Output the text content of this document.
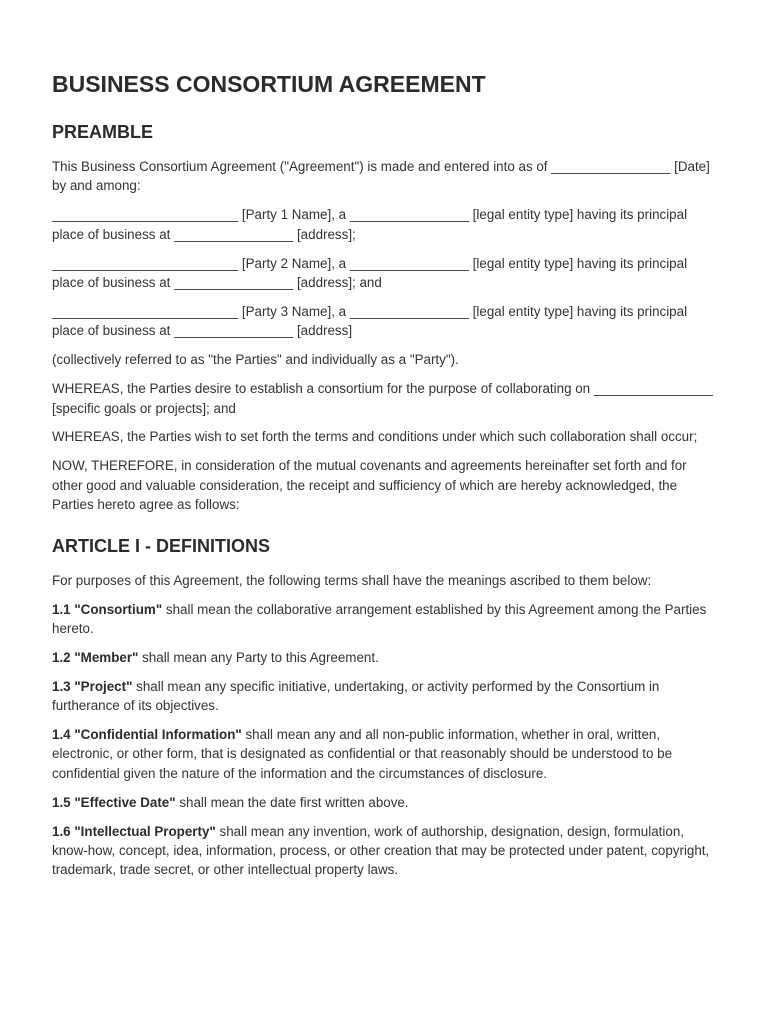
BUSINESS CONSORTIUM AGREEMENT
PREAMBLE

This Business Consortium Agreement ("Agreement") is made and entered into as of ________________ [Date] by and among:

_________________________ [Party 1 Name], a ________________ [legal entity type] having its principal place of business at ________________ [address];

_________________________ [Party 2 Name], a ________________ [legal entity type] having its principal place of business at ________________ [address]; and

_________________________ [Party 3 Name], a ________________ [legal entity type] having its principal place of business at ________________ [address]

(collectively referred to as "the Parties" and individually as a "Party").

WHEREAS, the Parties desire to establish a consortium for the purpose of collaborating on ________________ [specific goals or projects]; and

WHEREAS, the Parties wish to set forth the terms and conditions under which such collaboration shall occur;

NOW, THEREFORE, in consideration of the mutual covenants and agreements hereinafter set forth and for other good and valuable consideration, the receipt and sufficiency of which are hereby acknowledged, the Parties hereto agree as follows:

ARTICLE I - DEFINITIONS

For purposes of this Agreement, the following terms shall have the meanings ascribed to them below:

1.1 "Consortium" shall mean the collaborative arrangement established by this Agreement among the Parties hereto.

1.2 "Member" shall mean any Party to this Agreement.

1.3 "Project" shall mean any specific initiative, undertaking, or activity performed by the Consortium in furtherance of its objectives.

1.4 "Confidential Information" shall mean any and all non-public information, whether in oral, written, electronic, or other form, that is designated as confidential or that reasonably should be understood to be confidential given the nature of the information and the circumstances of disclosure.

1.5 "Effective Date" shall mean the date first written above.

1.6 "Intellectual Property" shall mean any invention, work of authorship, designation, design, formulation, know-how, concept, idea, information, process, or other creation that may be protected under patent, copyright, trademark, trade secret, or other intellectual property laws.
